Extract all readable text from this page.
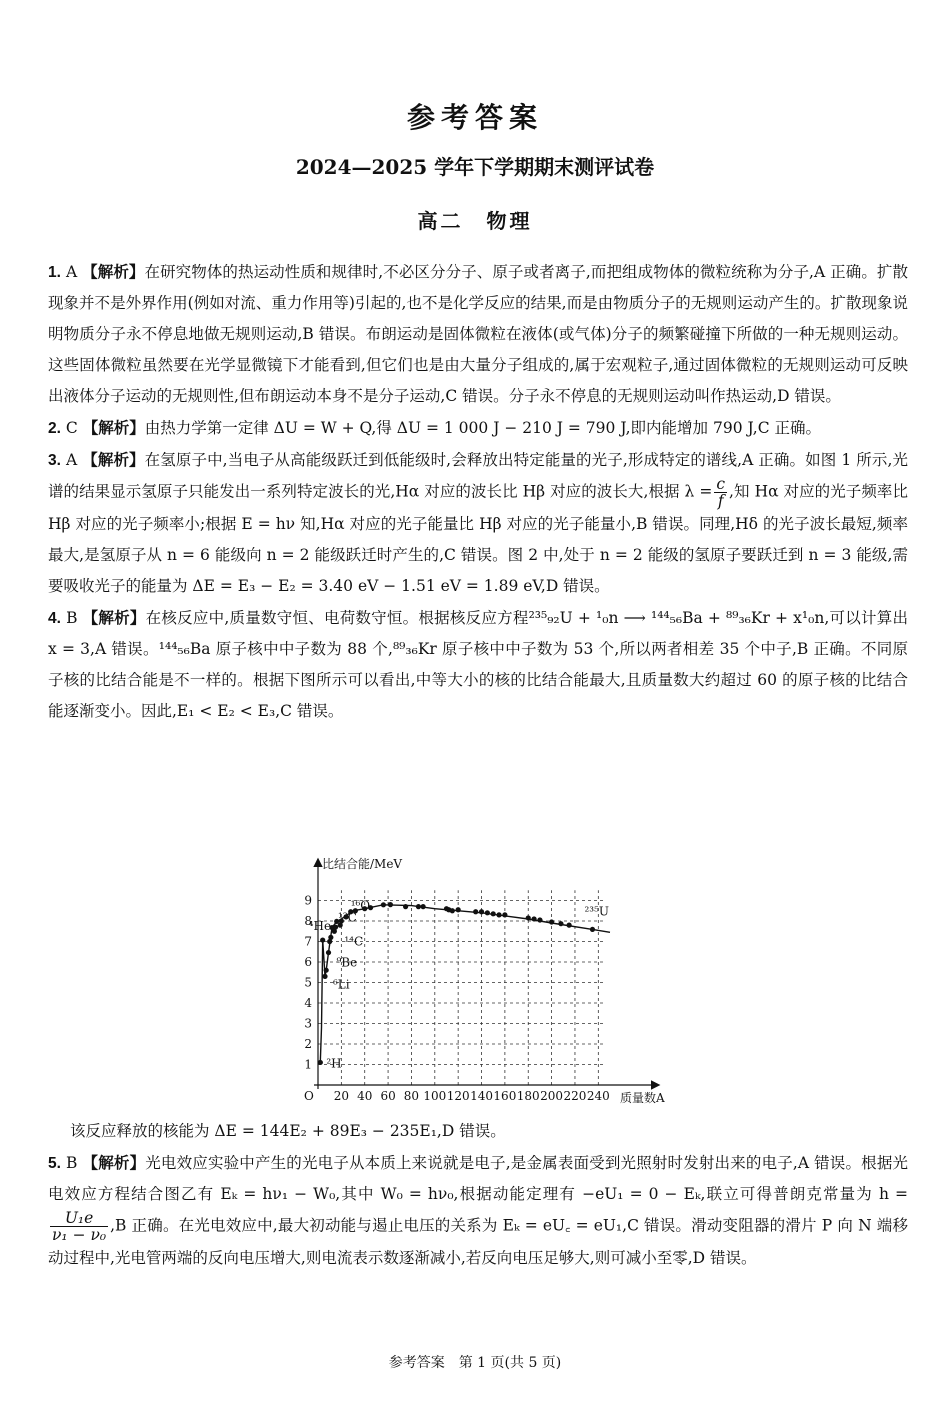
参考答案
2024—2025 学年下学期期末测评试卷
高二　物理

1. A 【解析】在研究物体的热运动性质和规律时,不必区分分子、原子或者离子,而把组成物体的微粒统称为分子,A 正确。扩散现象并不是外界作用(例如对流、重力作用等)引起的,也不是化学反应的结果,而是由物质分子的无规则运动产生的。扩散现象说明物质分子永不停息地做无规则运动,B 错误。布朗运动是固体微粒在液体(或气体)分子的频繁碰撞下所做的一种无规则运动。这些固体微粒虽然要在光学显微镜下才能看到,但它们也是由大量分子组成的,属于宏观粒子,通过固体微粒的无规则运动可反映出液体分子运动的无规则性,但布朗运动本身不是分子运动,C 错误。分子永不停息的无规则运动叫作热运动,D 错误。

2. C 【解析】由热力学第一定律 ΔU = W + Q,得 ΔU = 1 000 J − 210 J = 790 J,即内能增加 790 J,C 正确。

3. A 【解析】在氢原子中,当电子从高能级跃迁到低能级时,会释放出特定能量的光子,形成特定的谱线,A 正确。如图 1 所示,光谱的结果显示氢原子只能发出一系列特定波长的光,Hα 对应的波长比 Hβ 对应的波长大,根据 $\lambda = \frac{c}{f}$ ,知 Hα 对应的光子频率比 Hβ 对应的光子频率小;根据 E = hν 知,Hα 对应的光子能量比 Hβ 对应的光子能量小,B 错误。同理,Hδ 的光子波长最短,频率最大,是氢原子从 n = 6 能级向 n = 2 能级跃迁时产生的,C 错误。图 2 中,处于 n = 2 能级的氢原子要跃迁到 n = 3 能级,需要吸收光子的能量为 ΔE = E₃ − E₂ = 3.40 eV − 1.51 eV = 1.89 eV,D 错误。

4. B 【解析】在核反应中,质量数守恒、电荷数守恒。根据核反应方程²³⁵₉₂U + ¹₀n ⟶ ¹⁴⁴₅₆Ba + ⁸⁹₃₆Kr + x¹₀n,可以计算出 x = 3,A 错误。¹⁴⁴₅₆Ba 原子核中中子数为 88 个,⁸⁹₃₆Kr 原子核中中子数为 53 个,所以两者相差 35 个中子,B 正确。不同原子核的比结合能是不一样的。根据下图所示可以看出,中等大小的核的比结合能最大,且质量数大约超过 60 的原子核的比结合能逐渐变小。因此,E₁ < E₂ < E₃,C 错误。

20 40 60 80 100 120 140 160 180 200 220 240
1
2
3
4
5
6
7
8
9
⁴He
¹²C
¹⁶O
¹⁴C
⁹Be
⁶Li
²H
²³⁵U
比结合能/MeV
质量数A
O

该反应释放的核能为 ΔE = 144E₂ + 89E₃ − 235E₁,D 错误。

5. B 【解析】光电效应实验中产生的光电子从本质上来说就是电子,是金属表面受到光照射时发射出来的电子,A 错误。根据光电效应方程结合图乙有 Eₖ = hν₁ − W₀,其中 W₀ = hν₀,根据动能定理有 −eU₁ = 0 − Eₖ,联立可得普朗克常量为 h =
$\frac{\text{U₁e}}{\text{ν₁ − ν₀}} ,B$ 正确。在光电效应中,最大初动能与遏止电压的关系为 Eₖ = eU꜀ = eU₁,C 错误。滑动变阻器的滑片 P 向 N 端移动过程中,光电管两端的反向电压增大,则电流表示数逐渐减小,若反向电压足够大,则可减小至零,D 错误。

参考答案　第 1 页(共 5 页)
